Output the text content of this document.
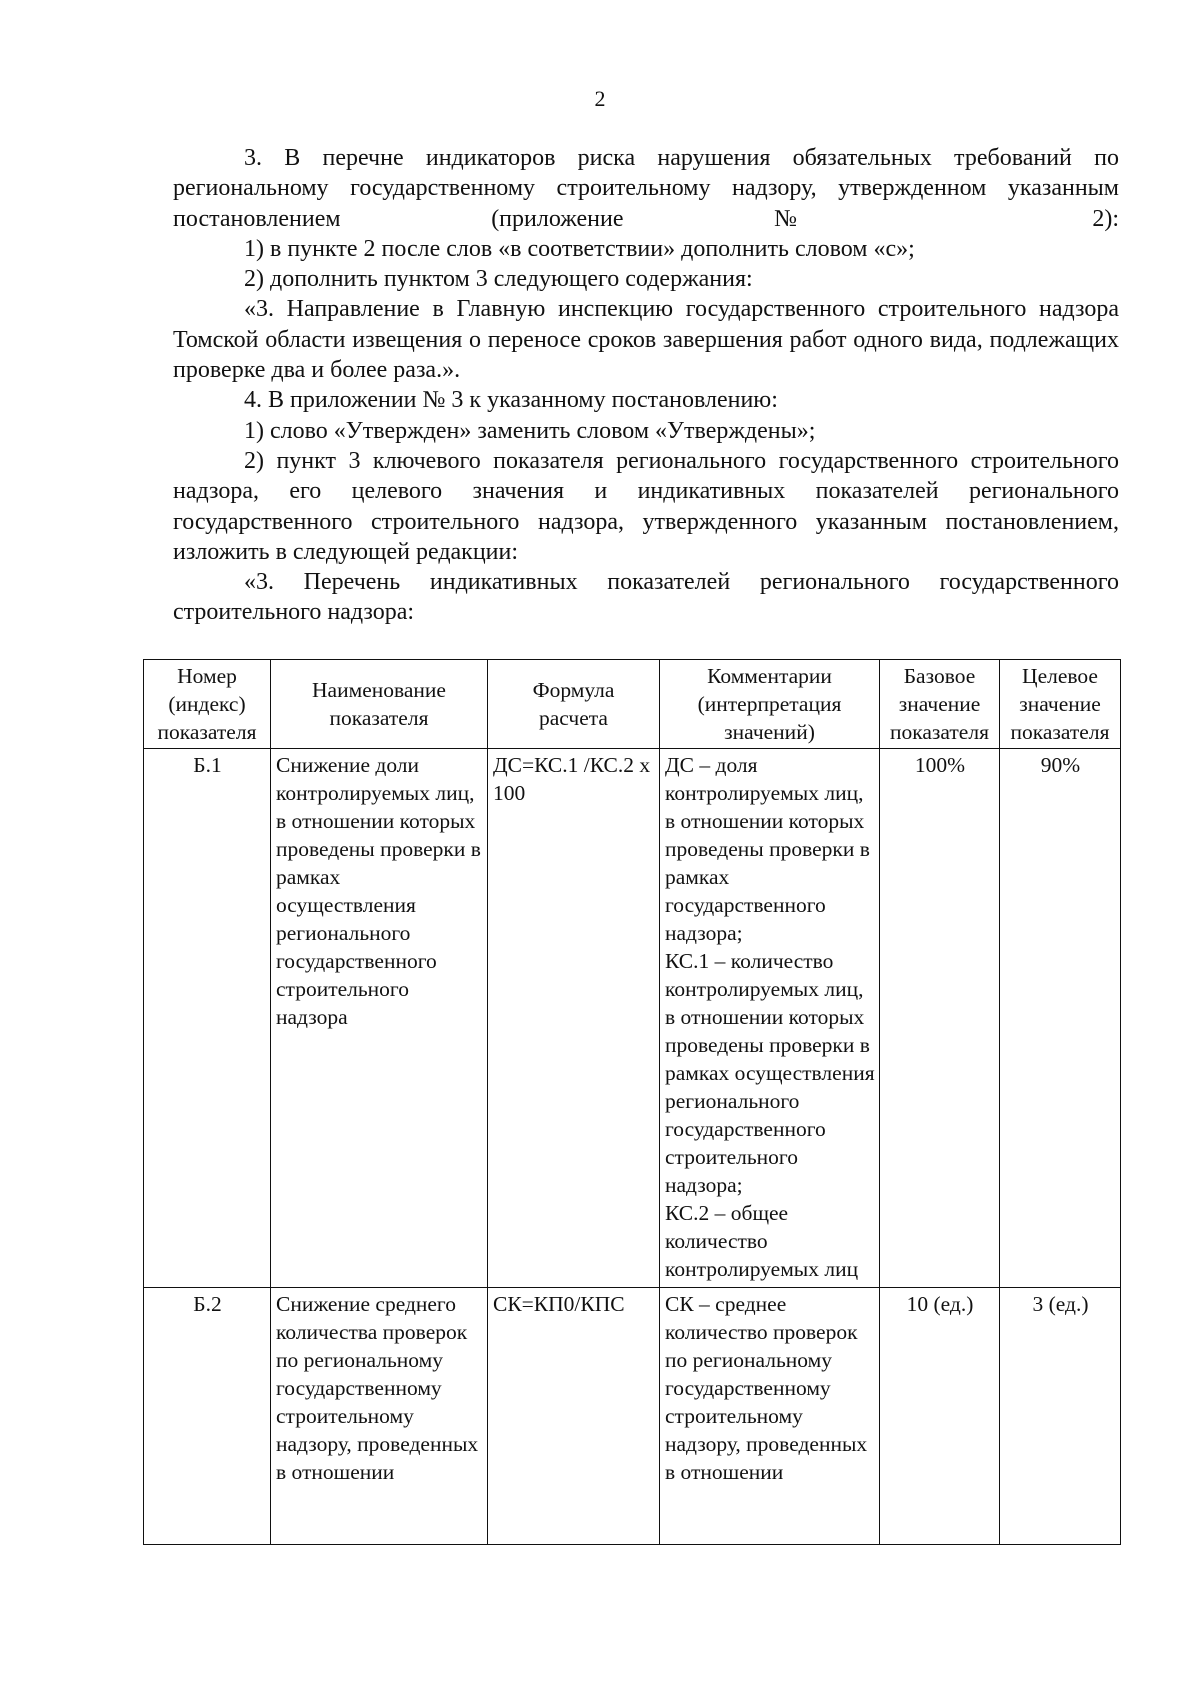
2

3. В перечне индикаторов риска нарушения обязательных требований по региональному государственному строительному надзору, утвержденном указанным постановлением (приложение № 2):

1) в пункте 2 после слов «в соответствии» дополнить словом «с»;

2) дополнить пунктом 3 следующего содержания:

«3. Направление в Главную инспекцию государственного строительного надзора Томской области извещения о переносе сроков завершения работ одного вида, подлежащих проверке два и более раза.».

4. В приложении № 3 к указанному постановлению:

1) слово «Утвержден» заменить словом «Утверждены»;

2) пункт 3 ключевого показателя регионального государственного строительного надзора, его целевого значения и индикативных показателей регионального государственного строительного надзора, утвержденного указанным постановлением, изложить в следующей редакции:

«3. Перечень индикативных показателей регионального государственного строительного надзора:

Номер
(индекс)
показателя	Наименование
показателя	Формула
расчета	Комментарии
(интерпретация
значений)	Базовое
значение
показателя	Целевое
значение
показателя
Б.1	Снижение доли контролируемых лиц, в отношении которых проведены проверки в рамках осуществления регионального государственного строительного надзора	ДС=КС.1 /КС.2 х 100	ДС – доля контролируемых лиц, в отношении которых проведены проверки в рамках государственного надзора;
КС.1 – количество контролируемых лиц, в отношении которых проведены проверки в рамках осуществления регионального государственного строительного надзора;
КС.2 – общее количество контролируемых лиц	100%	90%
Б.2	Снижение среднего количества проверок
по региональному государственному строительному надзору, проведенных
в отношении	СК=КП0/КПС	СК – среднее количество проверок
по региональному государственному строительному надзору, проведенных
в отношении	10 (ед.)	3 (ед.)
